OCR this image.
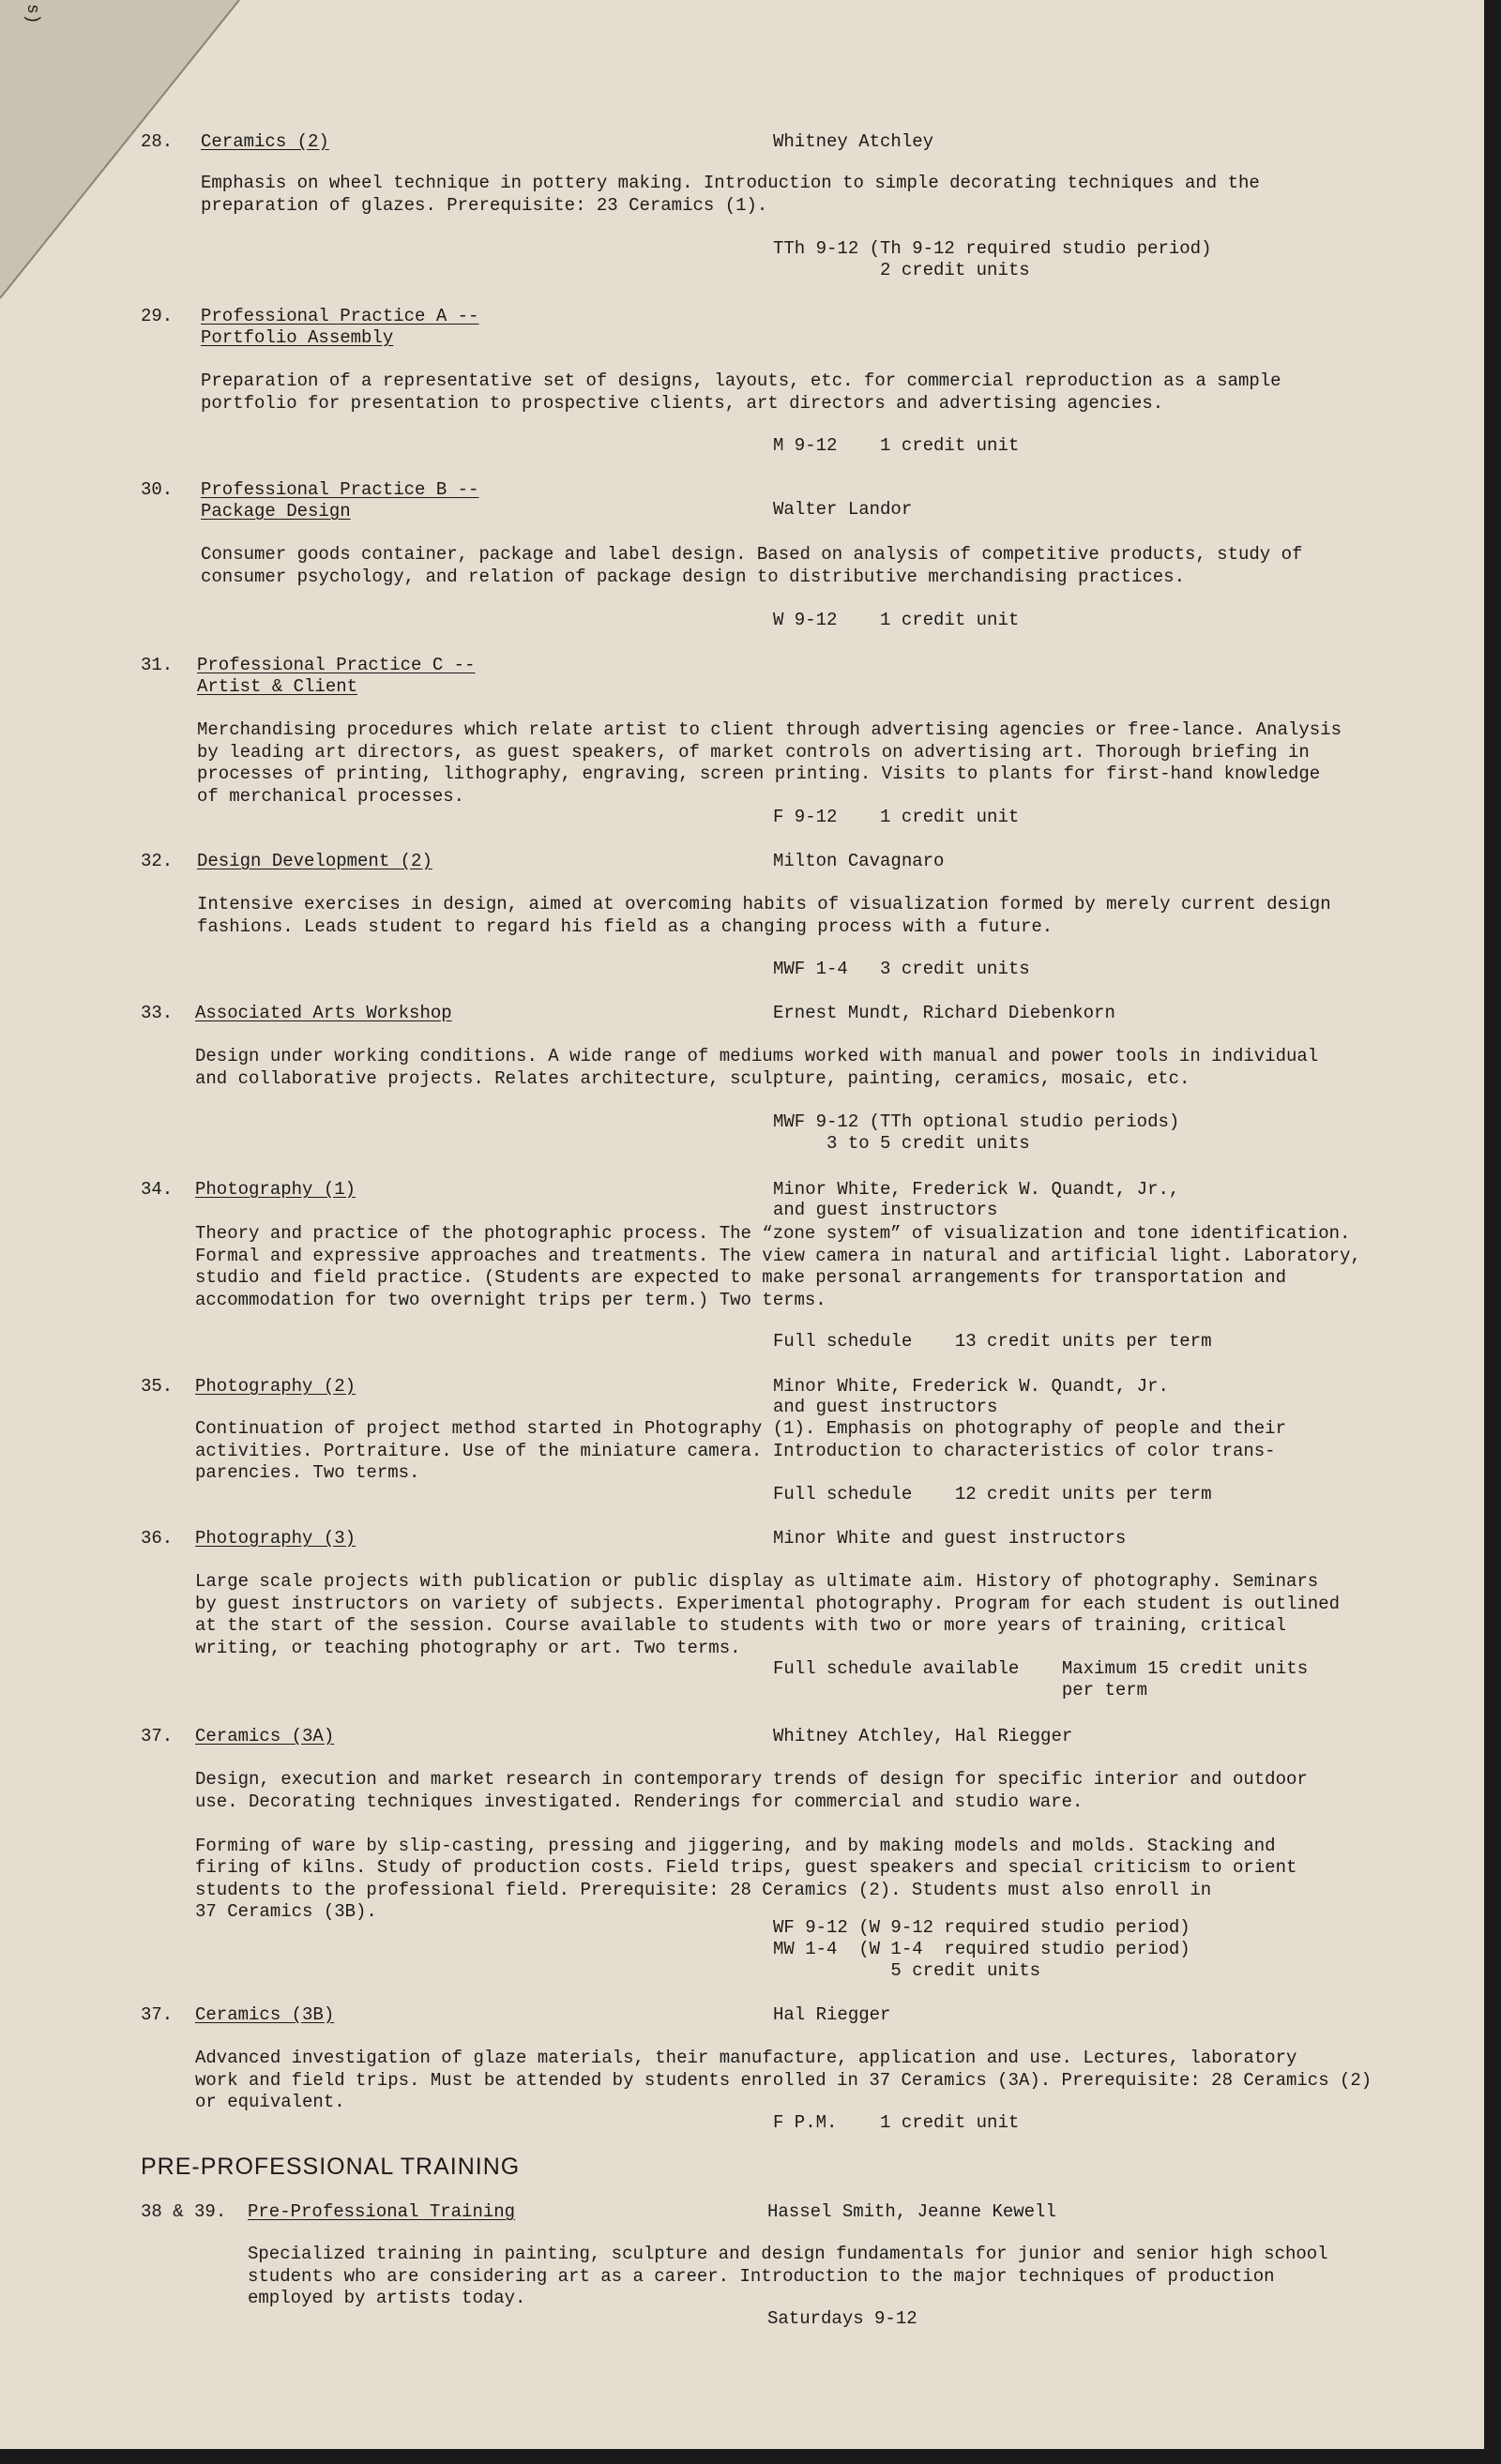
s)
28. Ceramics (2)	Whitney Atchley
Emphasis on wheel technique in pottery making. Introduction to simple decorating techniques and the
preparation of glazes. Prerequisite: 23 Ceramics (1).
TTh 9-12 (Th 9-12 required studio period)
2 credit units
29. Professional Practice A --
Portfolio Assembly
Preparation of a representative set of designs, layouts, etc. for commercial reproduction as a sample
portfolio for presentation to prospective clients, art directors and advertising agencies.
M 9-12    1 credit unit
30. Professional Practice B --
Package Design	Walter Landor
Consumer goods container, package and label design. Based on analysis of competitive products, study of
consumer psychology, and relation of package design to distributive merchandising practices.
W 9-12    1 credit unit
31. Professional Practice C --
Artist & Client
Merchandising procedures which relate artist to client through advertising agencies or free-lance. Analysis
by leading art directors, as guest speakers, of market controls on advertising art. Thorough briefing in
processes of printing, lithography, engraving, screen printing. Visits to plants for first-hand knowledge
of merchanical processes.
F 9-12    1 credit unit
32. Design Development (2)	Milton Cavagnaro
Intensive exercises in design, aimed at overcoming habits of visualization formed by merely current design
fashions. Leads student to regard his field as a changing process with a future.
MWF 1-4   3 credit units
33. Associated Arts Workshop	Ernest Mundt, Richard Diebenkorn
Design under working conditions. A wide range of mediums worked with manual and power tools in individual
and collaborative projects. Relates architecture, sculpture, painting, ceramics, mosaic, etc.
MWF 9-12 (TTh optional studio periods)
3 to 5 credit units
34. Photography (1)	Minor White, Frederick W. Quandt, Jr.,
and guest instructors
Theory and practice of the photographic process. The “zone system” of visualization and tone identification.
Formal and expressive approaches and treatments. The view camera in natural and artificial light. Laboratory,
studio and field practice. (Students are expected to make personal arrangements for transportation and
accommodation for two overnight trips per term.) Two terms.
Full schedule    13 credit units per term
35. Photography (2)	Minor White, Frederick W. Quandt, Jr.
and guest instructors
Continuation of project method started in Photography (1). Emphasis on photography of people and their
activities. Portraiture. Use of the miniature camera. Introduction to characteristics of color trans-
parencies. Two terms.
Full schedule    12 credit units per term
36. Photography (3)	Minor White and guest instructors
Large scale projects with publication or public display as ultimate aim. History of photography. Seminars
by guest instructors on variety of subjects. Experimental photography. Program for each student is outlined
at the start of the session. Course available to students with two or more years of training, critical
writing, or teaching photography or art. Two terms.
Full schedule available    Maximum 15 credit units
per term
37. Ceramics (3A)	Whitney Atchley, Hal Riegger
Design, execution and market research in contemporary trends of design for specific interior and outdoor
use. Decorating techniques investigated. Renderings for commercial and studio ware.
Forming of ware by slip-casting, pressing and jiggering, and by making models and molds. Stacking and
firing of kilns. Study of production costs. Field trips, guest speakers and special criticism to orient
students to the professional field. Prerequisite: 28 Ceramics (2). Students must also enroll in
37 Ceramics (3B).
WF 9-12 (W 9-12 required studio period)
MW 1-4  (W 1-4  required studio period)
5 credit units
37. Ceramics (3B)	Hal Riegger
Advanced investigation of glaze materials, their manufacture, application and use. Lectures, laboratory
work and field trips. Must be attended by students enrolled in 37 Ceramics (3A). Prerequisite: 28 Ceramics (2)
or equivalent.
F P.M.    1 credit unit
38 & 39. Pre-Professional Training	Hassel Smith, Jeanne Kewell
Specialized training in painting, sculpture and design fundamentals for junior and senior high school
students who are considering art as a career. Introduction to the major techniques of production
employed by artists today.
Saturdays 9-12
PRE-PROFESSIONAL TRAINING
